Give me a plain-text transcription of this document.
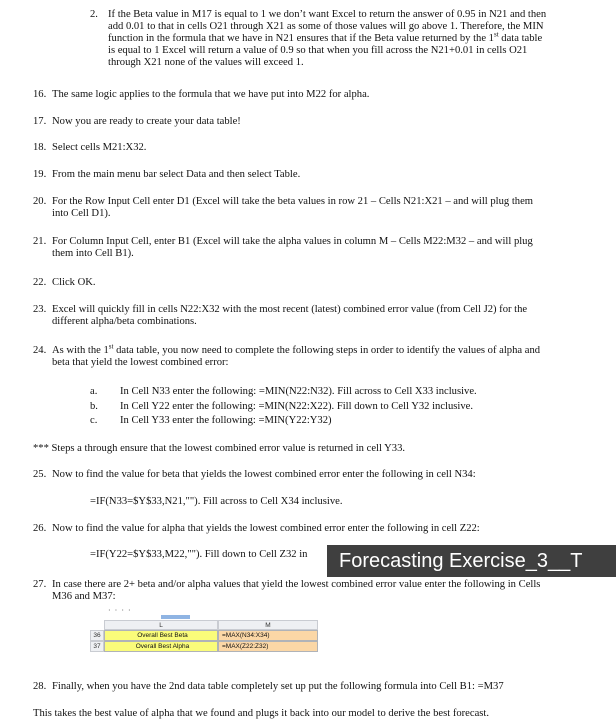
2. If the Beta value in M17 is equal to 1 we don’t want Excel to return the answer of 0.95 in N21 and then
add 0.01 to that in cells O21 through X21 as some of those values will go above 1. Therefore, the MIN
function in the formula that we have in N21 ensures that if the Beta value returned by the 1st data table
is equal to 1 Excel will return a value of 0.9 so that when you fill across the N21+0.01 in cells O21
through X21 none of the values will exceed 1.
16. The same logic applies to the formula that we have put into M22 for alpha.
17. Now you are ready to create your data table!
18. Select cells M21:X32.
19. From the main menu bar select Data and then select Table.
20. For the Row Input Cell enter D1 (Excel will take the beta values in row 21 – Cells N21:X21 – and will plug them
into Cell D1).
21. For Column Input Cell, enter B1 (Excel will take the alpha values in column M – Cells M22:M32 – and will plug
them into Cell B1).
22. Click OK.
23. Excel will quickly fill in cells N22:X32 with the most recent (latest) combined error value (from Cell J2) for the
different alpha/beta combinations.
24. As with the 1st data table, you now need to complete the following steps in order to identify the values of alpha and
beta that yield the lowest combined error:
a. In Cell N33 enter the following: =MIN(N22:N32). Fill across to Cell X33 inclusive.
b. In Cell Y22 enter the following: =MIN(N22:X22). Fill down to Cell Y32 inclusive.
c. In Cell Y33 enter the following: =MIN(Y22:Y32)
*** Steps a through ensure that the lowest combined error value is returned in cell Y33.
25. Now to find the value for beta that yields the lowest combined error enter the following in cell N34:
=IF(N33=$Y$33,N21,""). Fill across to Cell X34 inclusive.
26. Now to find the value for alpha that yields the lowest combined error enter the following in cell Z22:
=IF(Y22=$Y$33,M22,""). Fill down to Cell Z32 in	Forecasting Exercise_3__T
27. In case there are 2+ beta and/or alpha values that yield the lowest combined error value enter the following in Cells
M36 and M37:
· · · ·
L	M
36	Overall Best Beta	=MAX(N34:X34)
37	Overall Best Alpha	=MAX(Z22:Z32)
28. Finally, when you have the 2nd data table completely set up put the following formula into Cell B1: =M37
This takes the best value of alpha that we found and plugs it back into our model to derive the best forecast.
